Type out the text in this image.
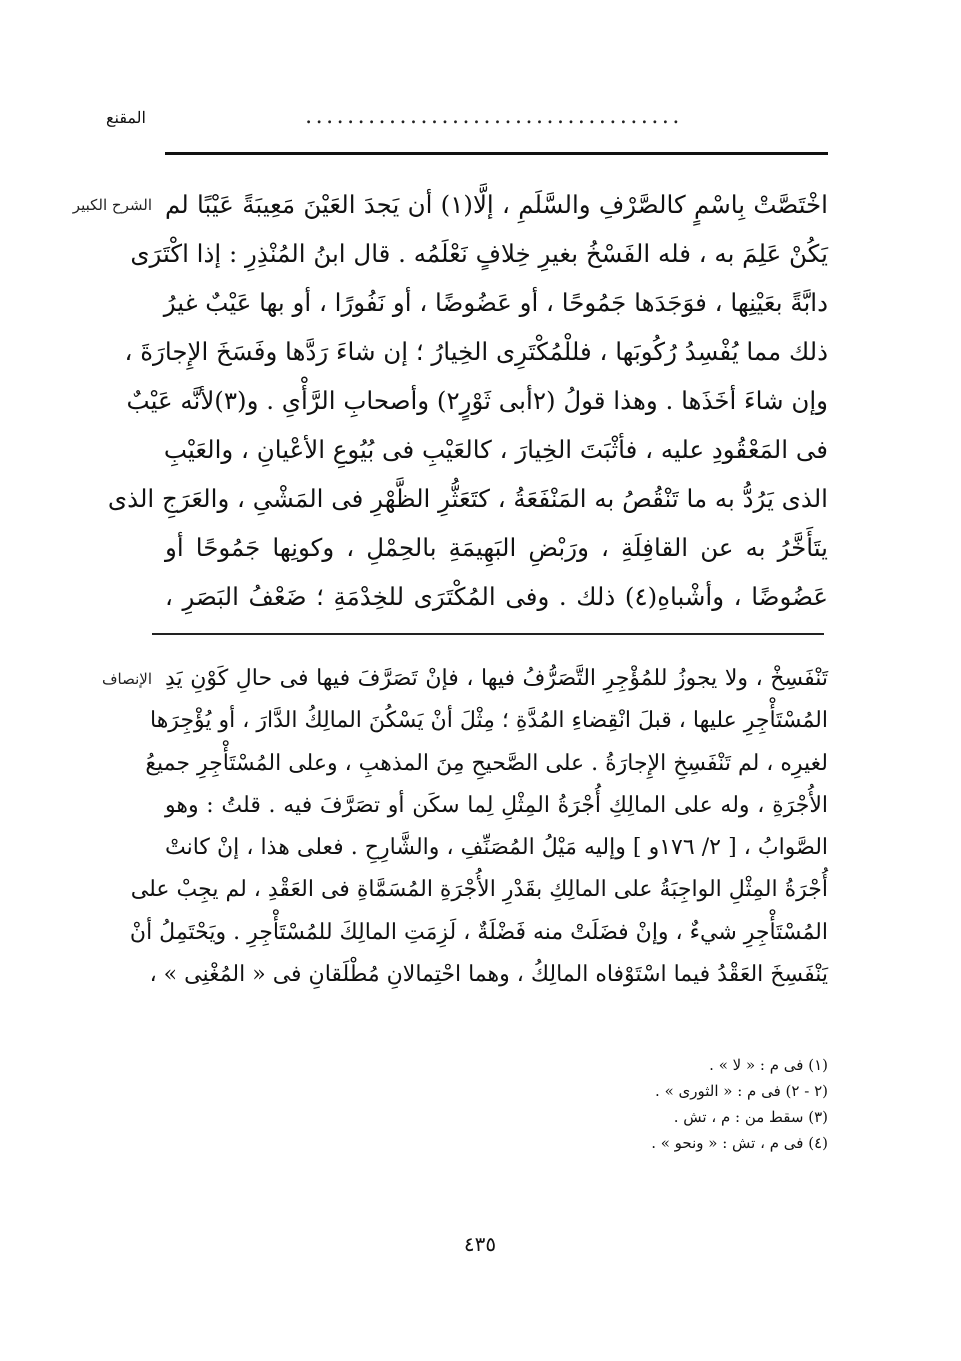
المقنع	....................................
الشرح الكبير اخْتَصَّتْ بِاسْمٍ كالصَّرْفِ والسَّلَمِ ، إلَّا(١) أن يَجدَ العَيْنَ مَعِيبَةً عَيْبًا لم
يَكُنْ عَلِمَ به ، فله الفَسْخُ بغيرِ خِلافٍ نَعْلَمُه . قال ابنُ المُنْذِرِ : إذا اكْتَرَى
دابَّةً بعَيْنِها ، فوَجَدَها جَمُوحًا ، أو عَضُوضًا ، أو نَفُورًا ، أو بها عَيْبٌ غيرُ
ذلك مما يُفْسِدُ رُكُوبَها ، فللْمُكْتَرِى الخِيارُ ؛ إن شاءَ رَدَّها وفَسَخَ الإِجارَةَ ،
وإن شاءَ أخَذَها . وهذا قولُ (٢أبى ثَوْرٍ٢) وأصحابِ الرَّأْىِ . و(٣)لأنَّه عَيْبٌ
فى المَعْقُودِ عليه ، فأثْبَتَ الخِيارَ ، كالعَيْبِ فى بُيُوعِ الأعْيانِ ، والعَيْبِ
الذى يَرُدُّ به ما تَنْقُصُ به المَنْفَعَةُ ، كتَعَثُّرِ الظَّهْرِ فى المَشْىِ ، والعَرَجِ الذى
يتَأَخَّرُ به عن القافِلَةِ ، ورَبْضِ البَهِيمَةِ بالحِمْلِ ، وكونِها جَمُوحًا أو
عَضُوضًا ، وأشْباهِ(٤) ذلك . وفى المُكْتَرَى للخِدْمَةِ ؛ ضَعْفُ البَصَرِ ،
الإنصاف تَنْفَسِخْ ، ولا يجوزُ للمُؤْجِرِ التَّصَرُّفُ فيها ، فإنْ تَصَرَّفَ فيها فى حالِ كَوْنِ يَدِ
المُسْتَأْجِرِ عليها ، قبلَ انْقِضاءِ المُدَّةِ ؛ مِثْلَ أنْ يَسْكُنَ المالِكُ الدَّارَ ، أو يُؤْجِرَها
لغيرِه ، لم تَنْفَسِخِ الإِجارَةُ . على الصَّحيحِ مِنَ المذهبِ ، وعلى المُسْتَأْجِرِ جميعُ
الأُجْرَةِ ، وله على المالِكِ أُجْرَةُ المِثْلِ لِما سكَن أو تصَرَّفَ فيه . قلتُ : وهو
الصَّوابُ ، [ ٢/ ١٧٦و ] وإليه مَيْلُ المُصَنِّفِ ، والشَّارِحِ . فعلى هذا ، إنْ كانتْ
أُجْرَةُ المِثْلِ الواجِبَةُ على المالِكِ بقَدْرِ الأُجْرَةِ المُسَمَّاةِ فى العَقْدِ ، لم يجِبْ على
المُسْتَأْجِرِ شيءٌ ، وإنْ فضَلَتْ منه فَضْلَةٌ ، لَزِمَتِ المالِكَ للمُسْتَأْجِرِ . ويَحْتَمِلُ أنْ
يَنْفَسِخَ العَقْدُ فيما اسْتَوْفاه المالِكُ ، وهما احْتِمالانِ مُطْلَقانِ فى « المُغْنِى » ،
(١) فى م : « لا » .
(٢ - ٢) فى م : « الثورى » .
(٣) سقط من : م ، تش .
(٤) فى م ، تش : « ونحو » .
٤٣٥
